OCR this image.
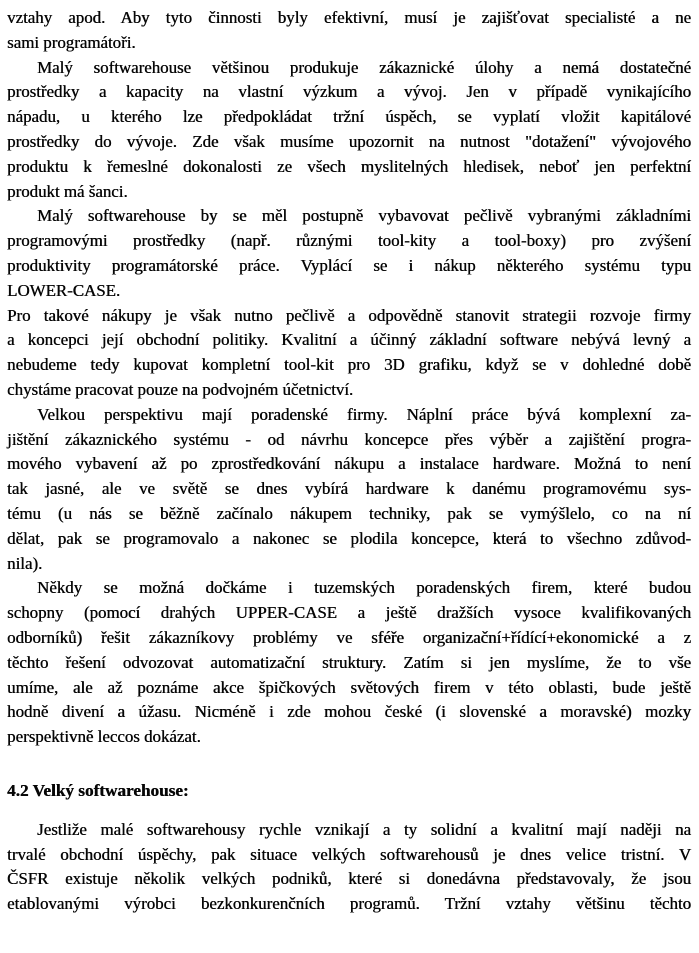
vztahy apod. Aby tyto činnosti byly efektivní, musí je zajišťovat specialisté a ne
sami programátoři.
Malý softwarehouse většinou produkuje zákaznické úlohy a nemá dostatečné
prostředky a kapacity na vlastní výzkum a vývoj. Jen v případě vynikajícího
nápadu, u kterého lze předpokládat tržní úspěch, se vyplatí vložit kapitálové
prostředky do vývoje. Zde však musíme upozornit na nutnost "dotažení" vývojového
produktu k řemeslné dokonalosti ze všech myslitelných hledisek, neboť jen perfektní
produkt má šanci.
Malý softwarehouse by se měl postupně vybavovat pečlivě vybranými základními
programovými prostředky (např. různými tool-kity a tool-boxy) pro zvýšení
produktivity programátorské práce. Vyplácí se i nákup některého systému typu
LOWER-CASE.
Pro takové nákupy je však nutno pečlivě a odpovědně stanovit strategii rozvoje firmy
a koncepci její obchodní politiky. Kvalitní a účinný základní software nebývá levný a
nebudeme tedy kupovat kompletní tool-kit pro 3D grafiku, když se v dohledné době
chystáme pracovat pouze na podvojném účetnictví.
Velkou perspektivu mají poradenské firmy. Náplní práce bývá komplexní za-
jištění zákaznického systému - od návrhu koncepce přes výběr a zajištění progra-
mového vybavení až po zprostředkování nákupu a instalace hardware. Možná to není
tak jasné, ale ve světě se dnes vybírá hardware k danému programovému sys-
tému (u nás se běžně začínalo nákupem techniky, pak se vymýšlelo, co na ní
dělat, pak se programovalo a nakonec se plodila koncepce, která to všechno zdůvod-
nila).
Někdy se možná dočkáme i tuzemských poradenských firem, které budou
schopny (pomocí drahých UPPER-CASE a ještě dražších vysoce kvalifikovaných
odborníků) řešit zákazníkovy problémy ve sféře organizační+řídící+ekonomické a z
těchto řešení odvozovat automatizační struktury. Zatím si jen myslíme, že to vše
umíme, ale až poznáme akce špičkových světových firem v této oblasti, bude ještě
hodně divení a úžasu. Nicméně i zde mohou české (i slovenské a moravské) mozky
perspektivně leccos dokázat.
4.2 Velký softwarehouse:
Jestliže malé softwarehousy rychle vznikají a ty solidní a kvalitní mají naději na
trvalé obchodní úspěchy, pak situace velkých softwarehousů je dnes velice tristní. V
ČSFR existuje několik velkých podniků, které si donedávna představovaly, že jsou
etablovanými výrobci bezkonkurenčních programů. Tržní vztahy většinu těchto
